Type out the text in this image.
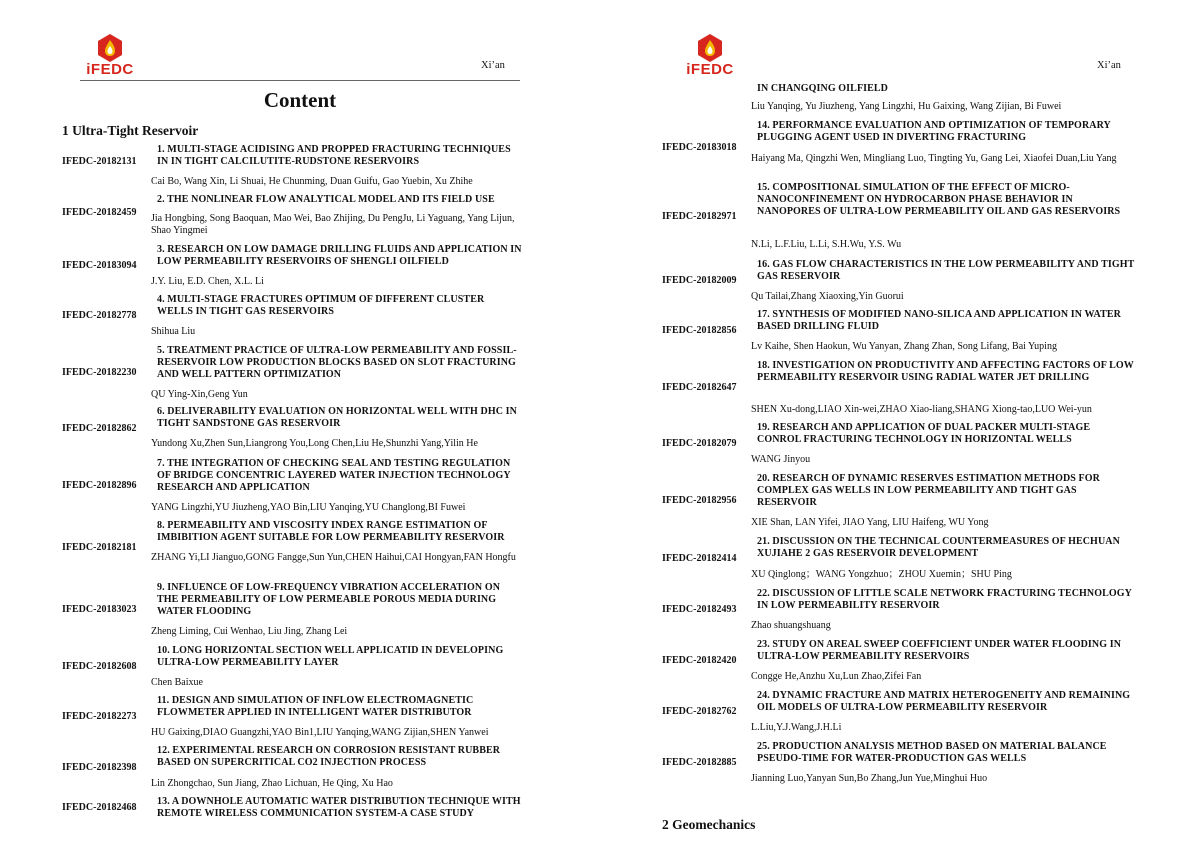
iFEDC	Xi’an
Content
1 Ultra-Tight Reservoir
IFEDC-20182131
1. MULTI-STAGE ACIDISING AND PROPPED FRACTURING TECHNIQUES IN IN TIGHT CALCILUTITE-RUDSTONE RESERVOIRS
Cai Bo, Wang Xin, Li Shuai, He Chunming, Duan Guifu, Gao Yuebin, Xu Zhihe
IFEDC-20182459
2. THE NONLINEAR FLOW ANALYTICAL MODEL AND ITS FIELD USE
Jia Hongbing, Song Baoquan, Mao Wei, Bao Zhijing, Du PengJu, Li Yaguang, Yang Lijun, Shao Yingmei
IFEDC-20183094
3. RESEARCH ON LOW DAMAGE DRILLING FLUIDS AND APPLICATION IN LOW PERMEABILITY RESERVOIRS OF SHENGLI OILFIELD
J.Y. Liu, E.D. Chen, X.L. Li
IFEDC-20182778
4. MULTI-STAGE FRACTURES OPTIMUM OF DIFFERENT CLUSTER WELLS IN TIGHT GAS RESERVOIRS
Shihua Liu
IFEDC-20182230
5. TREATMENT PRACTICE OF ULTRA-LOW PERMEABILITY AND FOSSIL-RESERVOIR LOW PRODUCTION BLOCKS BASED ON SLOT FRACTURING AND WELL PATTERN OPTIMIZATION
QU Ying-Xin,Geng Yun
IFEDC-20182862
6. DELIVERABILITY EVALUATION ON HORIZONTAL WELL WITH DHC IN TIGHT SANDSTONE GAS RESERVOIR
Yundong Xu,Zhen Sun,Liangrong You,Long Chen,Liu He,Shunzhi Yang,Yilin He
IFEDC-20182896
7. THE INTEGRATION OF CHECKING SEAL AND TESTING REGULATION OF BRIDGE CONCENTRIC LAYERED WATER INJECTION TECHNOLOGY RESEARCH AND APPLICATION
YANG Lingzhi,YU Jiuzheng,YAO Bin,LIU Yanqing,YU Changlong,BI Fuwei
IFEDC-20182181
8. PERMEABILITY AND VISCOSITY INDEX RANGE ESTIMATION OF IMBIBITION AGENT SUITABLE FOR LOW PERMEABILITY RESERVOIR
ZHANG Yi,LI Jianguo,GONG Fangge,Sun Yun,CHEN Haihui,CAI Hongyan,FAN Hongfu
IFEDC-20183023
9. INFLUENCE OF LOW-FREQUENCY VIBRATION ACCELERATION ON THE PERMEABILITY OF LOW PERMEABLE POROUS MEDIA DURING WATER FLOODING
Zheng Liming, Cui Wenhao, Liu Jing, Zhang Lei
IFEDC-20182608
10. LONG HORIZONTAL SECTION WELL APPLICATID IN DEVELOPING ULTRA-LOW PERMEABILITY LAYER
Chen Baixue
IFEDC-20182273
11. DESIGN AND SIMULATION OF INFLOW ELECTROMAGNETIC FLOWMETER APPLIED IN INTELLIGENT WATER DISTRIBUTOR
HU Gaixing,DIAO Guangzhi,YAO Bin1,LIU Yanqing,WANG Zijian,SHEN Yanwei
IFEDC-20182398
12. EXPERIMENTAL RESEARCH ON CORROSION RESISTANT RUBBER BASED ON SUPERCRITICAL CO2 INJECTION PROCESS
Lin Zhongchao, Sun Jiang, Zhao Lichuan, He Qing, Xu Hao
IFEDC-20182468
13. A DOWNHOLE AUTOMATIC WATER DISTRIBUTION TECHNIQUE WITH REMOTE WIRELESS COMMUNICATION SYSTEM-A CASE STUDY
iFEDC	Xi’an
IN CHANGQING OILFIELD
Liu Yanqing, Yu Jiuzheng, Yang Lingzhi, Hu Gaixing, Wang Zijian, Bi Fuwei
IFEDC-20183018
14. PERFORMANCE EVALUATION AND OPTIMIZATION OF TEMPORARY PLUGGING AGENT USED IN DIVERTING FRACTURING
Haiyang Ma, Qingzhi Wen, Mingliang Luo, Tingting Yu, Gang Lei, Xiaofei Duan,Liu Yang
IFEDC-20182971
15. COMPOSITIONAL SIMULATION OF THE EFFECT OF MICRO-NANOCONFINEMENT ON HYDROCARBON PHASE BEHAVIOR IN NANOPORES OF ULTRA-LOW PERMEABILITY OIL AND GAS RESERVOIRS
N.Li, L.F.Liu, L.Li, S.H.Wu, Y.S. Wu
IFEDC-20182009
16. GAS FLOW CHARACTERISTICS IN THE LOW PERMEABILITY AND TIGHT GAS RESERVOIR
Qu Tailai,Zhang Xiaoxing,Yin Guorui
IFEDC-20182856
17. SYNTHESIS OF MODIFIED NANO-SILICA AND APPLICATION IN WATER BASED DRILLING FLUID
Lv Kaihe, Shen Haokun, Wu Yanyan, Zhang Zhan, Song Lifang, Bai Yuping
IFEDC-20182647
18. INVESTIGATION ON PRODUCTIVITY AND AFFECTING FACTORS OF LOW PERMEABILITY RESERVOIR USING RADIAL WATER JET DRILLING
SHEN Xu-dong,LIAO Xin-wei,ZHAO Xiao-liang,SHANG Xiong-tao,LUO Wei-yun
IFEDC-20182079
19. RESEARCH AND APPLICATION OF DUAL PACKER MULTI-STAGE CONROL FRACTURING TECHNOLOGY IN HORIZONTAL WELLS
WANG Jinyou
IFEDC-20182956
20. RESEARCH OF DYNAMIC RESERVES ESTIMATION METHODS FOR COMPLEX GAS WELLS IN LOW PERMEABILITY AND TIGHT GAS RESERVOIR
XIE Shan, LAN Yifei, JIAO Yang, LIU Haifeng, WU Yong
IFEDC-20182414
21. DISCUSSION ON THE TECHNICAL COUNTERMEASURES OF HECHUAN XUJIAHE 2 GAS RESERVOIR DEVELOPMENT
XU Qinglong；WANG Yongzhuo；ZHOU Xuemin；SHU Ping
IFEDC-20182493
22. DISCUSSION OF LITTLE SCALE NETWORK FRACTURING TECHNOLOGY IN LOW PERMEABILITY RESERVOIR
Zhao shuangshuang
IFEDC-20182420
23. STUDY ON AREAL SWEEP COEFFICIENT UNDER WATER FLOODING IN ULTRA-LOW PERMEABILITY RESERVOIRS
Congge He,Anzhu Xu,Lun Zhao,Zifei Fan
IFEDC-20182762
24. DYNAMIC FRACTURE AND MATRIX HETEROGENEITY AND REMAINING OIL MODELS OF ULTRA-LOW PERMEABILITY RESERVOIR
L.Liu,Y.J.Wang,J.H.Li
IFEDC-20182885
25. PRODUCTION ANALYSIS METHOD BASED ON MATERIAL BALANCE PSEUDO-TIME FOR WATER-PRODUCTION GAS WELLS
Jianning Luo,Yanyan Sun,Bo Zhang,Jun Yue,Minghui Huo
2 Geomechanics
